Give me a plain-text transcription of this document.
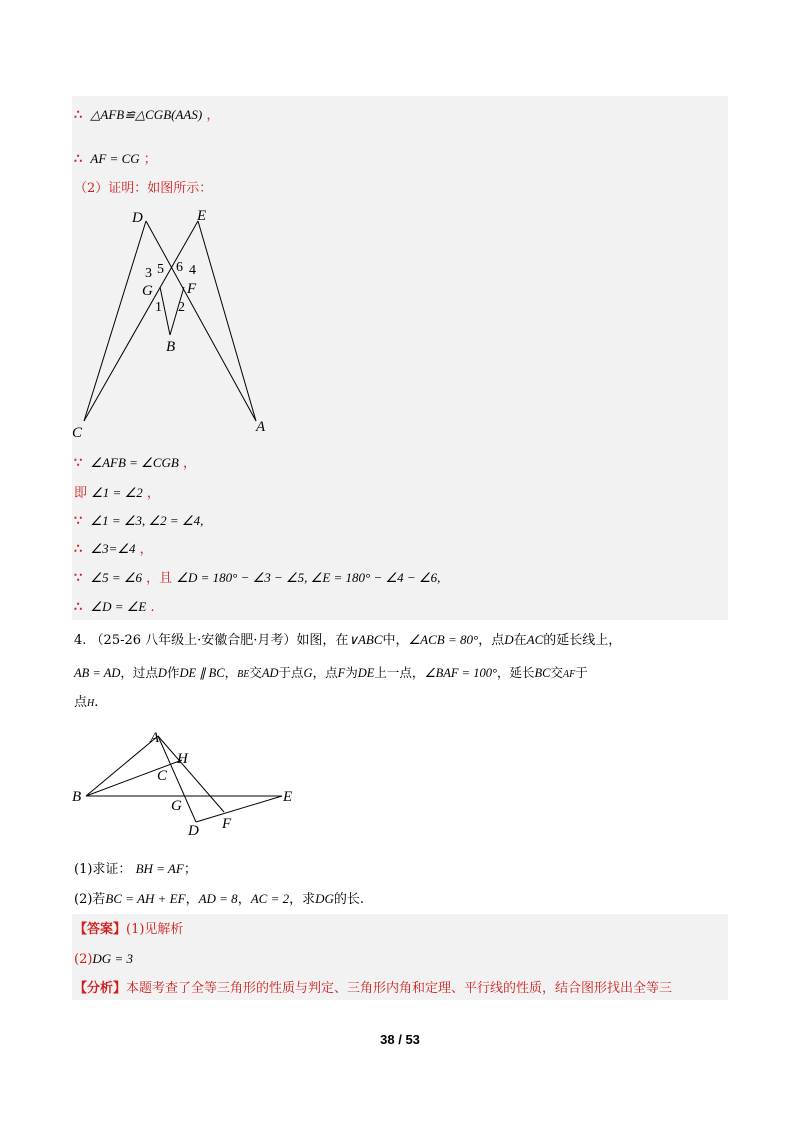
∴ △AFB≌△CGB(AAS) ，
∴ AF = CG ；
（2）证明：如图所示：
D	E
G F
B
C	A
3 5 6 4
1 2
∵ ∠AFB = ∠CGB ，
即 ∠1 = ∠2 ，
∵ ∠1 = ∠3, ∠2 = ∠4,
∴ ∠3=∠4 ，
∵ ∠5 = ∠6 ，且 ∠D = 180° − ∠3 − ∠5, ∠E = 180° − ∠4 − ∠6,
∴ ∠D = ∠E .
4. （25-26 八年级上·安徽合肥·月考）如图，在∨ABC中，∠ACB = 80°，点D在AC的延长线上，
AB = AD，过点D作DE ∥ BC，BE交AD于点G，点F为DE上一点，∠BAF = 100°，延长BC交AF于
点H.
A
H
C
B
G
E
D F
(1)求证： BH = AF；
(2)若BC = AH + EF，AD = 8，AC = 2，求DG的长.
【答案】(1)见解析
(2)DG = 3
【分析】本题考查了全等三角形的性质与判定、三角形内角和定理、平行线的性质，结合图形找出全等三
38 / 53
